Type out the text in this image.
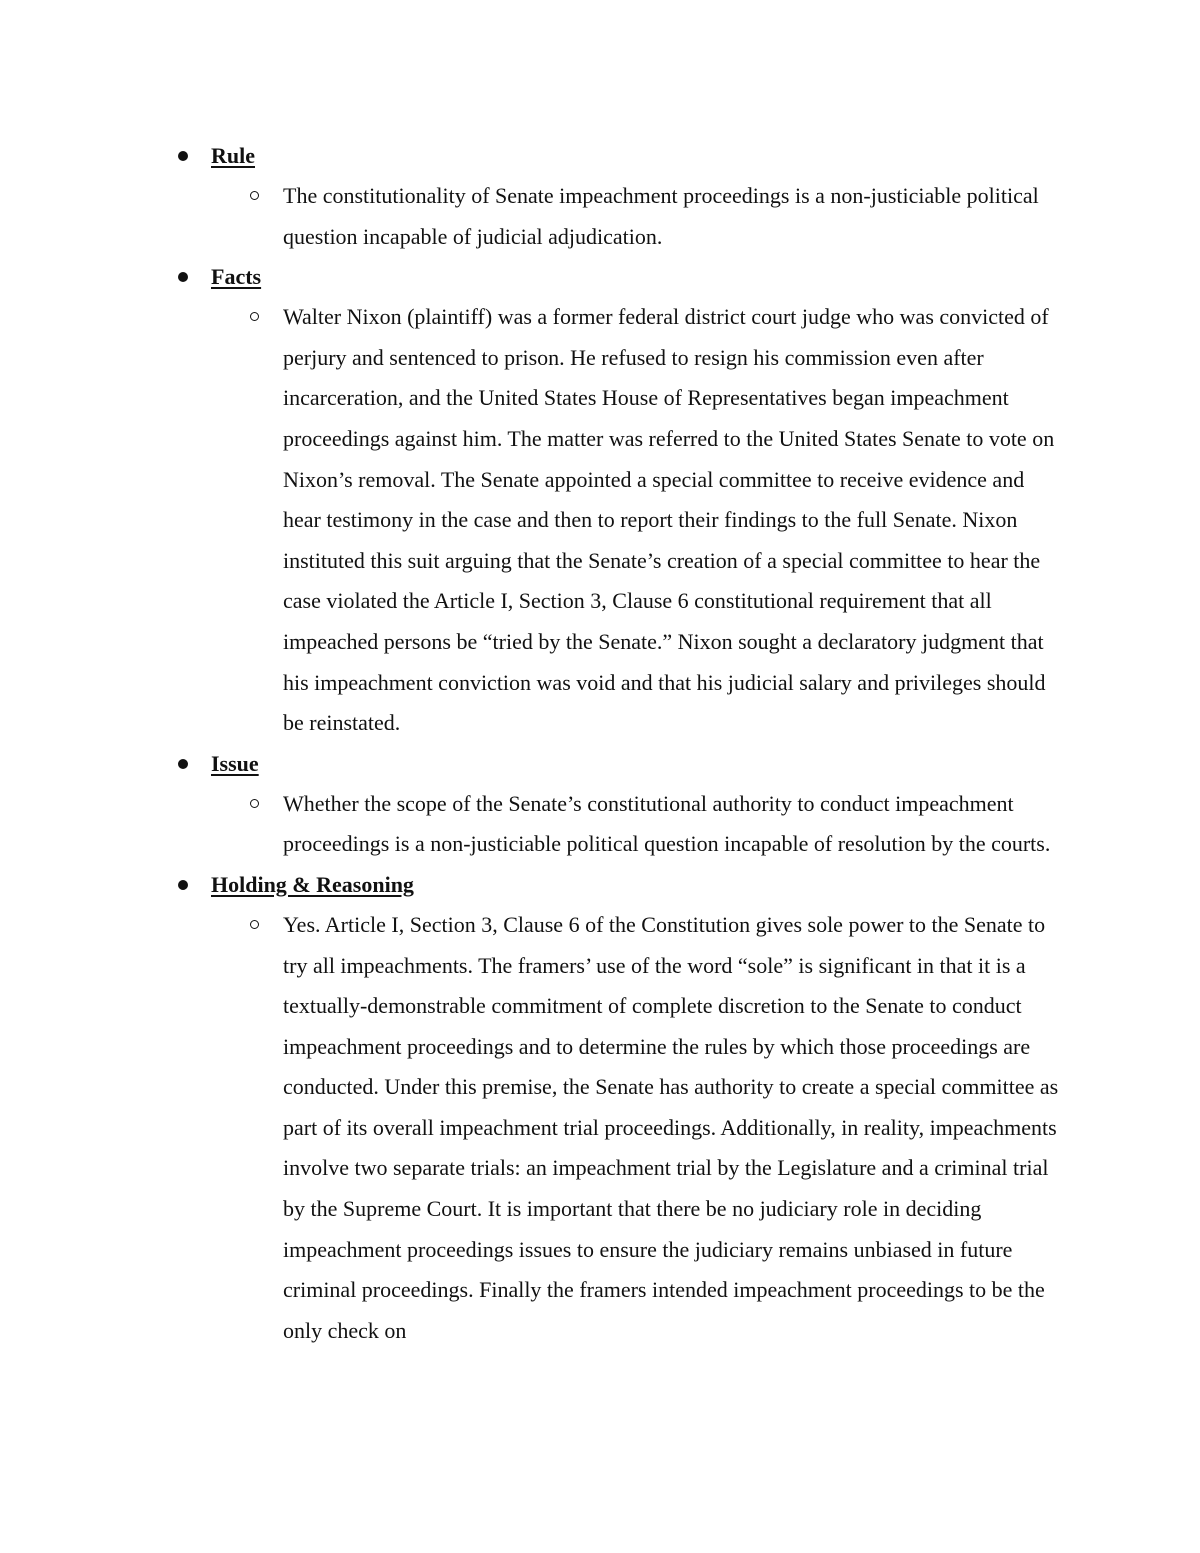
Rule

The constitutionality of Senate impeachment proceedings is a non-justiciable political question incapable of judicial adjudication.

Facts

Walter Nixon (plaintiff) was a former federal district court judge who was convicted of perjury and sentenced to prison. He refused to resign his commission even after incarceration, and the United States House of Representatives began impeachment proceedings against him. The matter was referred to the United States Senate to vote on Nixon’s removal. The Senate appointed a special committee to receive evidence and hear testimony in the case and then to report their findings to the full Senate. Nixon instituted this suit arguing that the Senate’s creation of a special committee to hear the case violated the Article I, Section 3, Clause 6 constitutional requirement that all impeached persons be “tried by the Senate.” Nixon sought a declaratory judgment that his impeachment conviction was void and that his judicial salary and privileges should be reinstated.

Issue

Whether the scope of the Senate’s constitutional authority to conduct impeachment proceedings is a non-justiciable political question incapable of resolution by the courts.

Holding & Reasoning

Yes. Article I, Section 3, Clause 6 of the Constitution gives sole power to the Senate to try all impeachments. The framers’ use of the word “sole” is significant in that it is a textually-demonstrable commitment of complete discretion to the Senate to conduct impeachment proceedings and to determine the rules by which those proceedings are conducted. Under this premise, the Senate has authority to create a special committee as part of its overall impeachment trial proceedings. Additionally, in reality, impeachments involve two separate trials: an impeachment trial by the Legislature and a criminal trial by the Supreme Court. It is important that there be no judiciary role in deciding impeachment proceedings issues to ensure the judiciary remains unbiased in future criminal proceedings. Finally the framers intended impeachment proceedings to be the only check on
